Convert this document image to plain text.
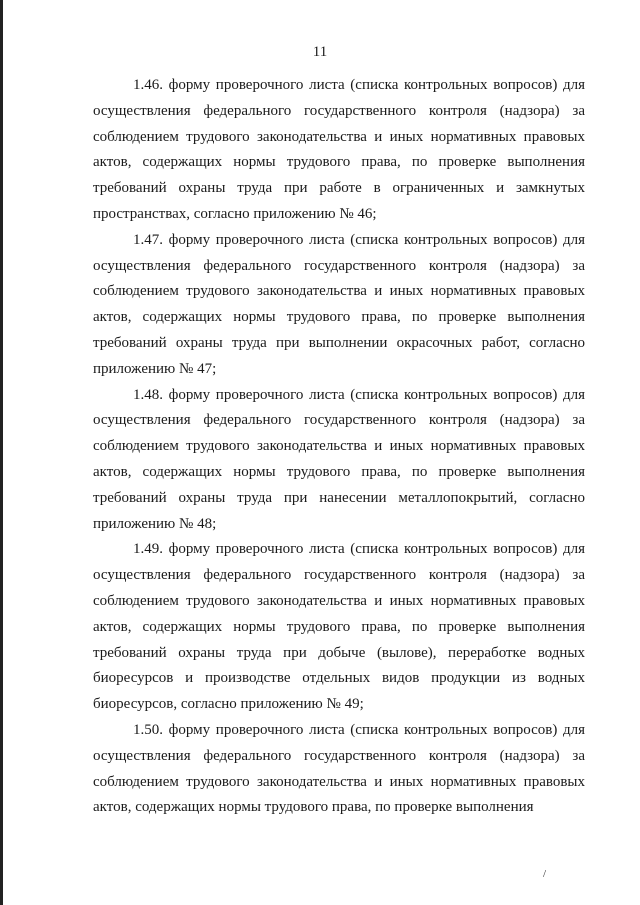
11

1.46. форму проверочного листа (списка контрольных вопросов) для осуществления федерального государственного контроля (надзора) за соблюдением трудового законодательства и иных нормативных правовых актов, содержащих нормы трудового права, по проверке выполнения требований охраны труда при работе в ограниченных и замкнутых пространствах, согласно приложению № 46;

1.47. форму проверочного листа (списка контрольных вопросов) для осуществления федерального государственного контроля (надзора) за соблюдением трудового законодательства и иных нормативных правовых актов, содержащих нормы трудового права, по проверке выполнения требований охраны труда при выполнении окрасочных работ, согласно приложению № 47;

1.48. форму проверочного листа (списка контрольных вопросов) для осуществления федерального государственного контроля (надзора) за соблюдением трудового законодательства и иных нормативных правовых актов, содержащих нормы трудового права, по проверке выполнения требований охраны труда при нанесении металлопокрытий, согласно приложению № 48;

1.49. форму проверочного листа (списка контрольных вопросов) для осуществления федерального государственного контроля (надзора) за соблюдением трудового законодательства и иных нормативных правовых актов, содержащих нормы трудового права, по проверке выполнения требований охраны труда при добыче (вылове), переработке водных биоресурсов и производстве отдельных видов продукции из водных биоресурсов, согласно приложению № 49;

1.50. форму проверочного листа (списка контрольных вопросов) для осуществления федерального государственного контроля (надзора) за соблюдением трудового законодательства и иных нормативных правовых актов, содержащих нормы трудового права, по проверке выполнения

/
